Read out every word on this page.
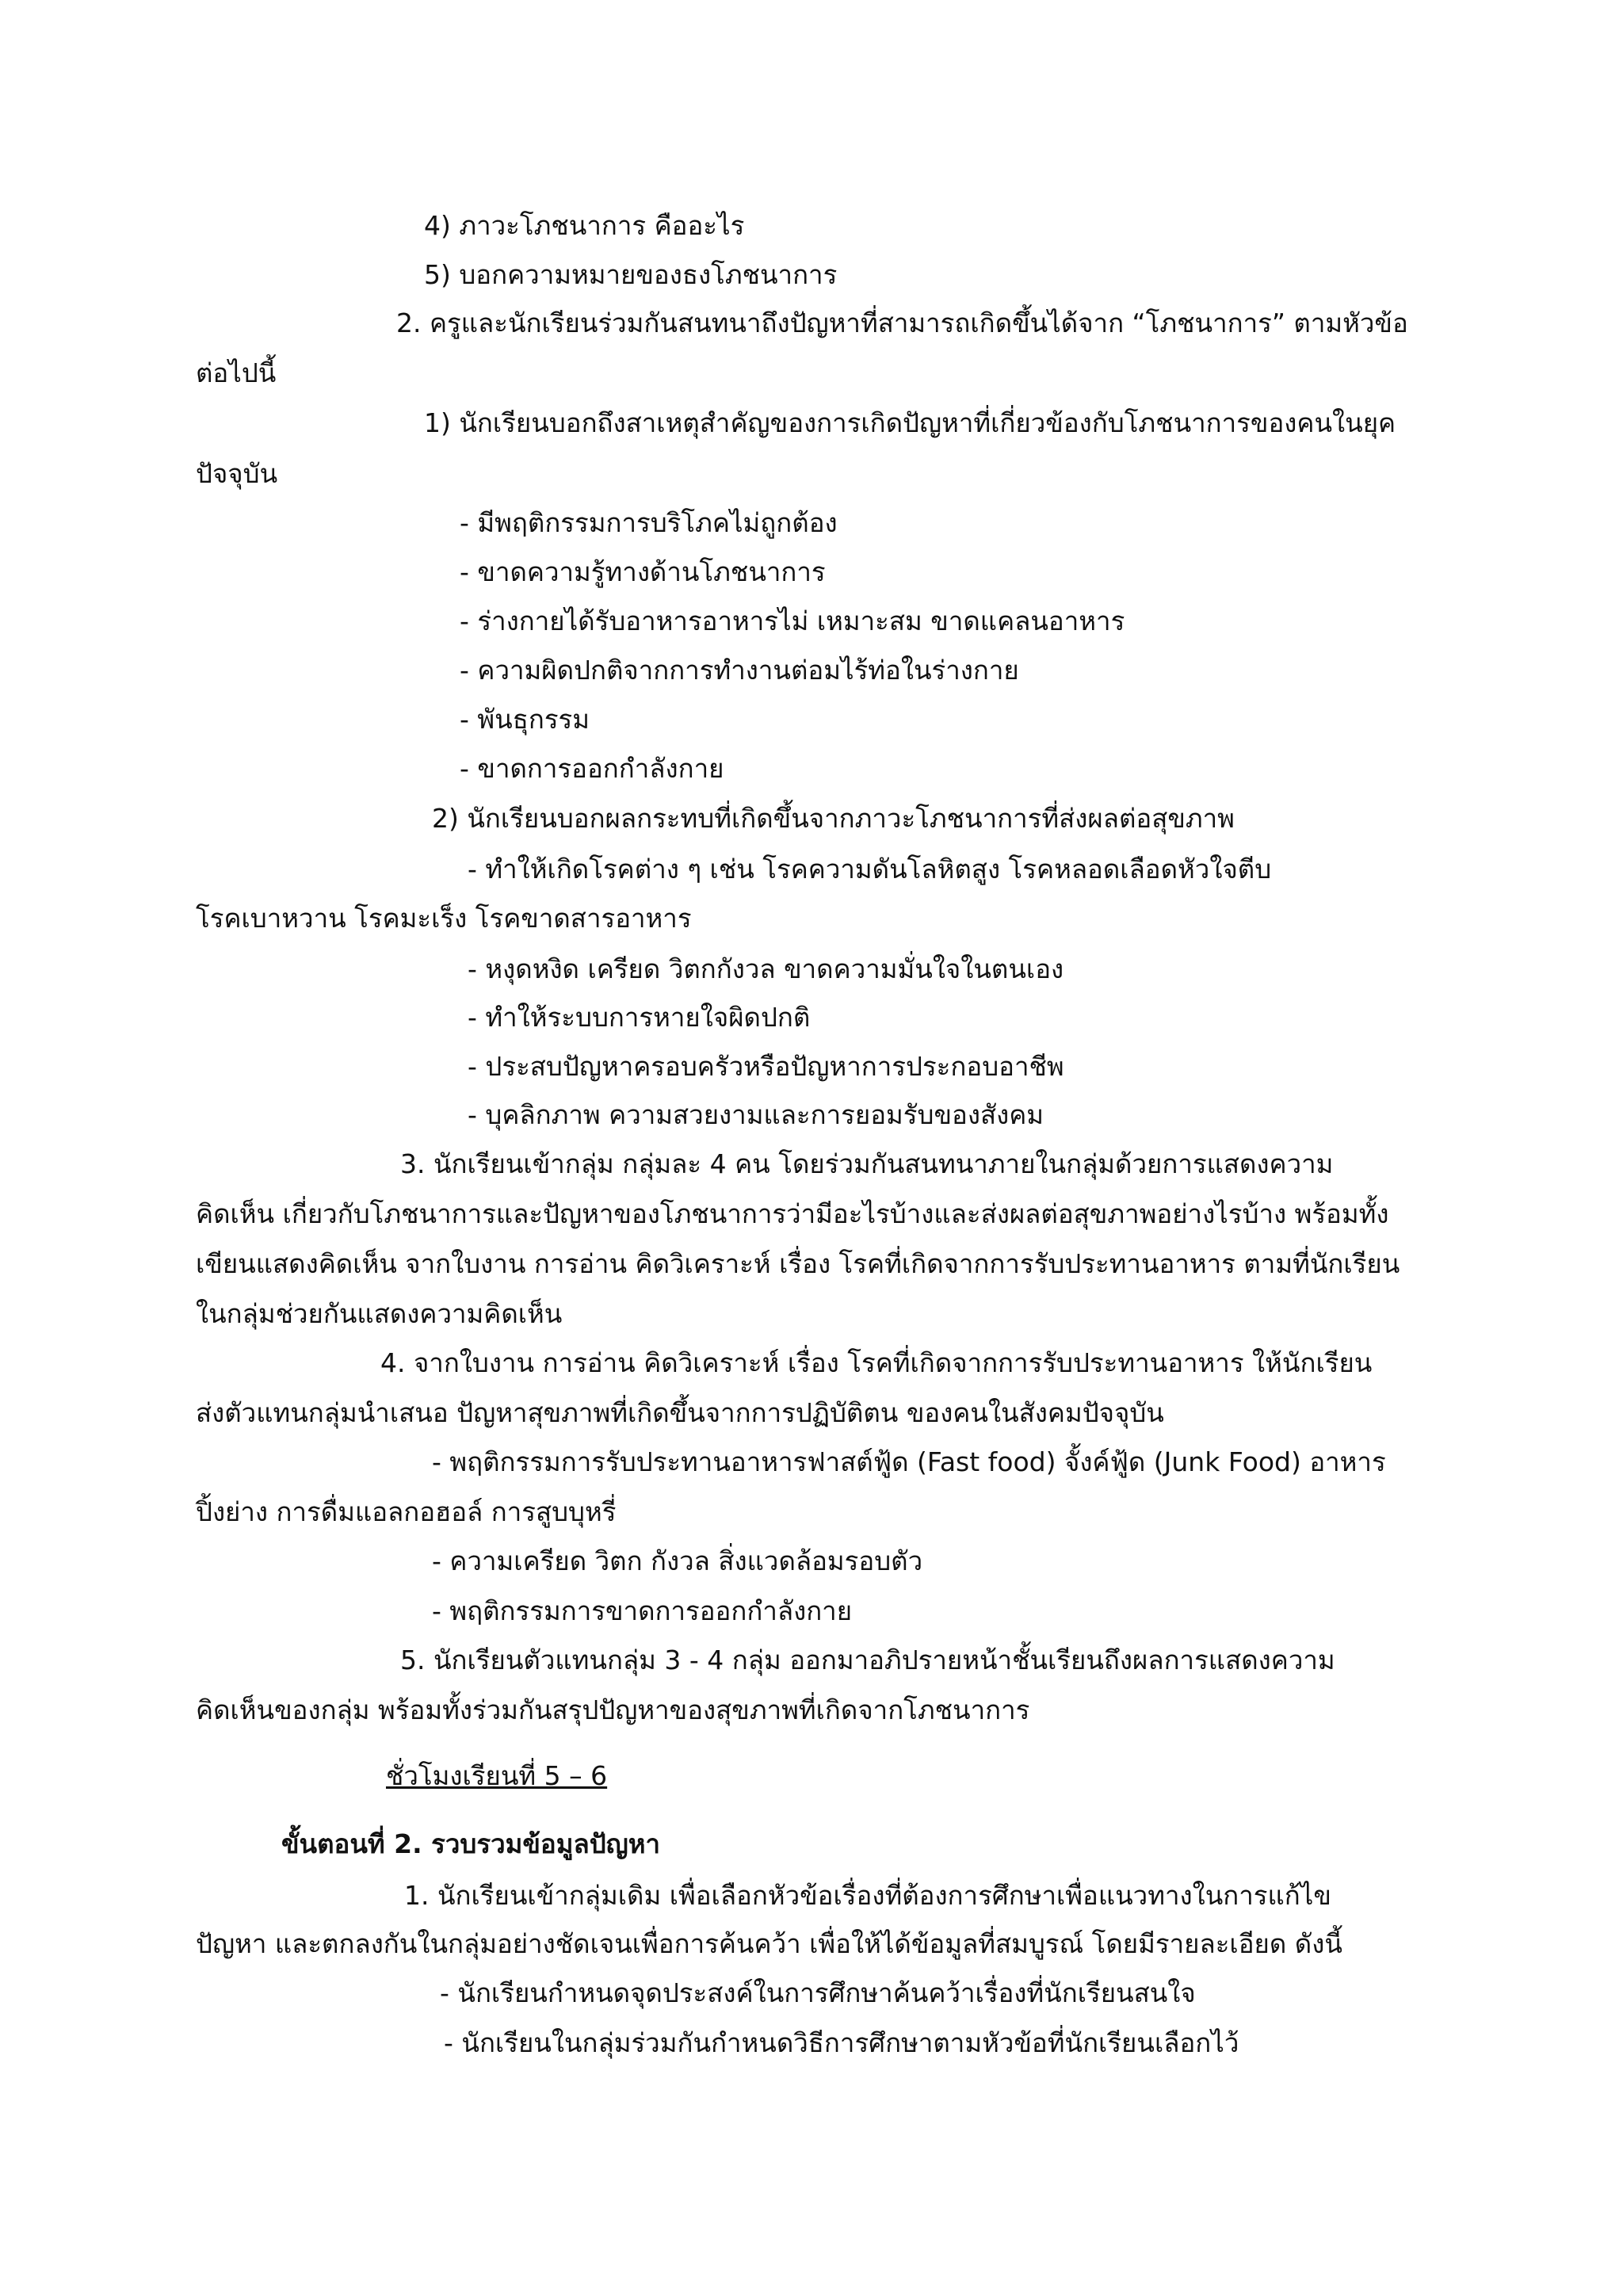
4) ภาวะโภชนาการ คืออะไร
5) บอกความหมายของธงโภชนาการ
2. ครูและนักเรียนร่วมกันสนทนาถึงปัญหาที่สามารถเกิดขึ้นได้จาก “โภชนาการ” ตามหัวข้อ
ต่อไปนี้
1) นักเรียนบอกถึงสาเหตุสำคัญของการเกิดปัญหาที่เกี่ยวข้องกับโภชนาการของคนในยุค
ปัจจุบัน
- มีพฤติกรรมการบริโภคไม่ถูกต้อง
- ขาดความรู้ทางด้านโภชนาการ
- ร่างกายได้รับอาหารอาหารไม่ เหมาะสม ขาดแคลนอาหาร
- ความผิดปกติจากการทำงานต่อมไร้ท่อในร่างกาย
- พันธุกรรม
- ขาดการออกกำลังกาย
2) นักเรียนบอกผลกระทบที่เกิดขึ้นจากภาวะโภชนาการที่ส่งผลต่อสุขภาพ
- ทำให้เกิดโรคต่าง ๆ เช่น โรคความดันโลหิตสูง โรคหลอดเลือดหัวใจตีบ
โรคเบาหวาน โรคมะเร็ง โรคขาดสารอาหาร
- หงุดหงิด เครียด วิตกกังวล ขาดความมั่นใจในตนเอง
- ทำให้ระบบการหายใจผิดปกติ
- ประสบปัญหาครอบครัวหรือปัญหาการประกอบอาชีพ
- บุคลิกภาพ ความสวยงามและการยอมรับของสังคม
3. นักเรียนเข้ากลุ่ม กลุ่มละ 4 คน โดยร่วมกันสนทนาภายในกลุ่มด้วยการแสดงความ
คิดเห็น เกี่ยวกับโภชนาการและปัญหาของโภชนาการว่ามีอะไรบ้างและส่งผลต่อสุขภาพอย่างไรบ้าง พร้อมทั้ง
เขียนแสดงคิดเห็น จากใบงาน การอ่าน คิดวิเคราะห์ เรื่อง โรคที่เกิดจากการรับประทานอาหาร ตามที่นักเรียน
ในกลุ่มช่วยกันแสดงความคิดเห็น
4. จากใบงาน การอ่าน คิดวิเคราะห์ เรื่อง โรคที่เกิดจากการรับประทานอาหาร ให้นักเรียน
ส่งตัวแทนกลุ่มนำเสนอ ปัญหาสุขภาพที่เกิดขึ้นจากการปฏิบัติตน ของคนในสังคมปัจจุบัน
- พฤติกรรมการรับประทานอาหารฟาสต์ฟู้ด (Fast food) จั้งค์ฟู้ด (Junk Food) อาหาร
ปิ้งย่าง การดื่มแอลกอฮอล์ การสูบบุหรี่
- ความเครียด วิตก กังวล สิ่งแวดล้อมรอบตัว
- พฤติกรรมการขาดการออกกำลังกาย
5. นักเรียนตัวแทนกลุ่ม 3 - 4 กลุ่ม ออกมาอภิปรายหน้าชั้นเรียนถึงผลการแสดงความ
คิดเห็นของกลุ่ม พร้อมทั้งร่วมกันสรุปปัญหาของสุขภาพที่เกิดจากโภชนาการ
ชั่วโมงเรียนที่ 5 – 6
ขั้นตอนที่ 2. รวบรวมข้อมูลปัญหา
1. นักเรียนเข้ากลุ่มเดิม เพื่อเลือกหัวข้อเรื่องที่ต้องการศึกษาเพื่อแนวทางในการแก้ไข
ปัญหา และตกลงกันในกลุ่มอย่างชัดเจนเพื่อการค้นคว้า เพื่อให้ได้ข้อมูลที่สมบูรณ์ โดยมีรายละเอียด ดังนี้
- นักเรียนกำหนดจุดประสงค์ในการศึกษาค้นคว้าเรื่องที่นักเรียนสนใจ
- นักเรียนในกลุ่มร่วมกันกำหนดวิธีการศึกษาตามหัวข้อที่นักเรียนเลือกไว้
